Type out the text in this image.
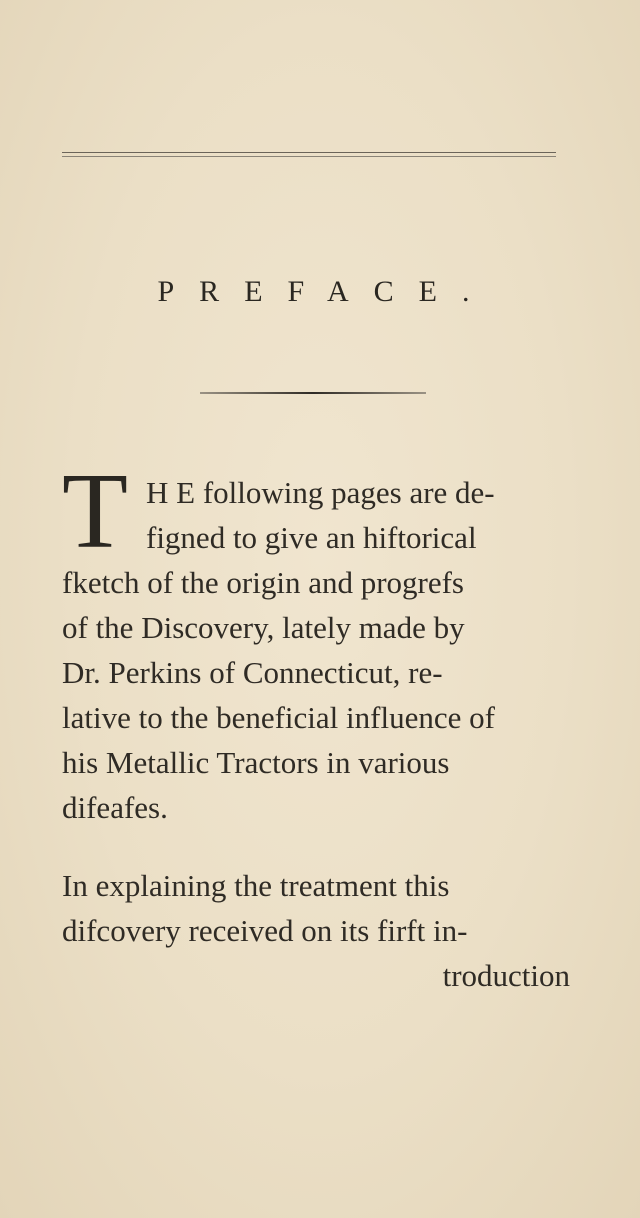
PREFACE.
T H E following pages are de-
figned to give an hiftorical
fketch of the origin and progrefs
of the Discovery, lately made by
Dr. Perkins of Connecticut, re-
lative to the beneficial influence of
his Metallic Tractors in various
difeafes.
In explaining the treatment this
difcovery received on its firft in-
troduction
